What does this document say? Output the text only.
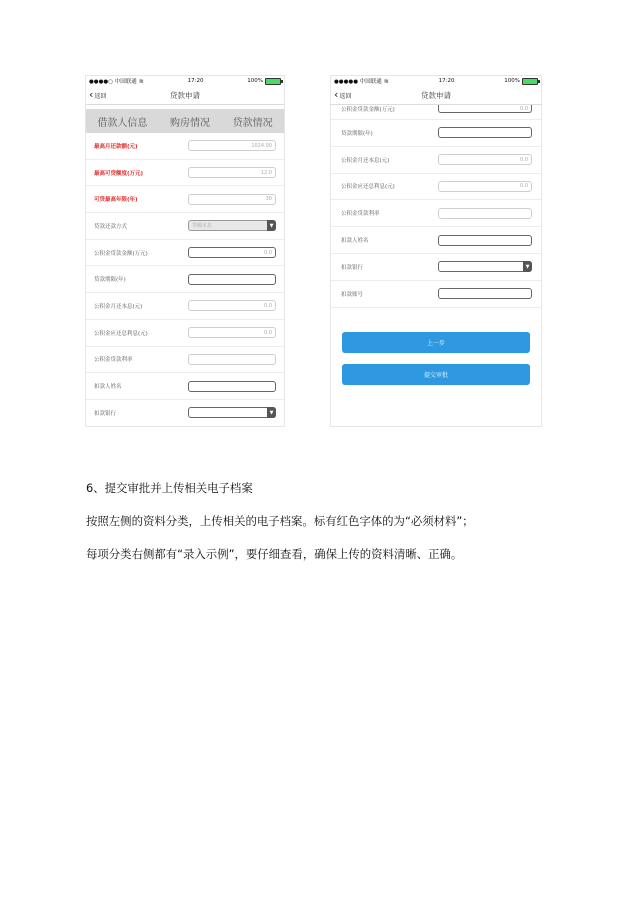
●●●●○ 中国联通 ≋	17:20	100%
‹ 返回	贷款申请
借款人信息 购房情况 贷款情况
最高月还款额(元)	1024.00
最高可贷额度(万元)	12.0
可贷最高年限(年)	30
贷款还款方式	等额本息	▼
公积金贷款金额(万元)	0.0
贷款期限(年)
公积金月还本息(元)	0.0
公积金应还总利息(元)	0.0
公积金贷款利率
扣款人姓名
扣款银行	▼
●●●●● 中国联通 ≋	17:20	100%
‹ 返回	贷款申请
公积金贷款金额(万元)	0.0
贷款期限(年)
公积金月还本息(元)	0.0
公积金应还总利息(元)	0.0
公积金贷款利率
扣款人姓名
扣款银行	▼
扣款账号
上一步
提交审批
6、提交审批并上传相关电子档案
按照左侧的资料分类，上传相关的电子档案。标有红色字体的为“必须材料”；
每项分类右侧都有“录入示例”，要仔细查看，确保上传的资料清晰、正确。
